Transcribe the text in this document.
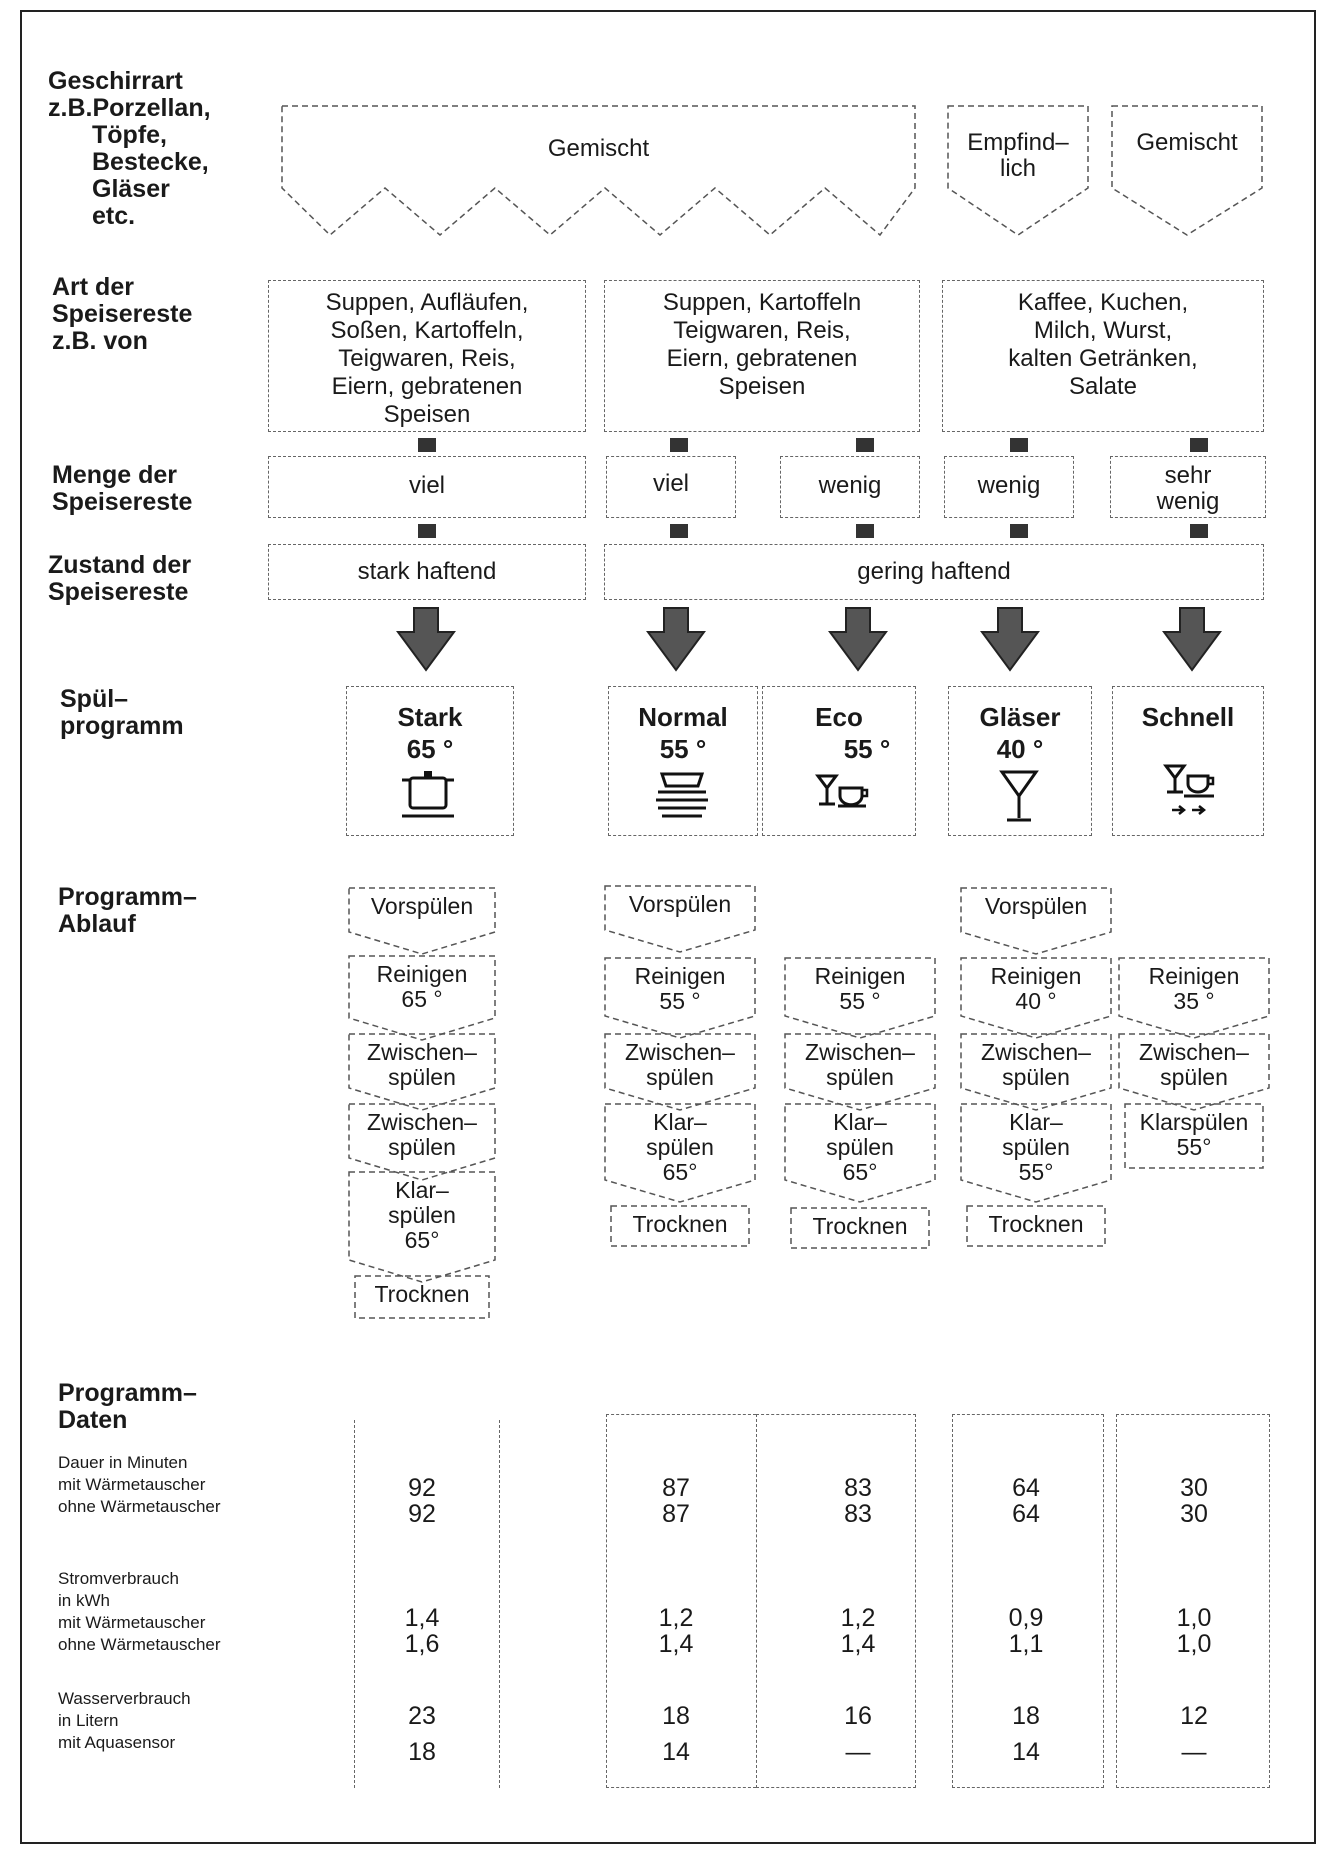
Geschirrart
z.B.Porzellan,
Töpfe,
Bestecke,
Gläser
etc.
Art der
Speisereste
z.B. von
Menge der
Speisereste
Zustand der
Speisereste
Spül–
programm
Programm–
Ablauf
Programm–
Daten
Gemischt	Empfind–
lich
Gemischt
Suppen, Aufläufen,
Soßen, Kartoffeln,
Teigwaren, Reis,
Eiern, gebratenen
Speisen
Suppen, Kartoffeln
Teigwaren, Reis,
Eiern, gebratenen
Speisen
Kaffee, Kuchen,
Milch, Wurst,
kalten Getränken,
Salate
viel	viel	wenig	wenig	sehr
wenig
stark haftend	gering haftend
Stark
65 °
Normal
55 °
Eco
55 °
Gläser
40 °
Schnell
Vorspülen
Reinigen
65 °
Zwischen–
spülen
Zwischen–
spülen
Klar–
spülen
65°
Trocknen
Vorspülen
Reinigen
55 °
Zwischen–
spülen
Klar–
spülen
65°
Trocknen
Reinigen
55 °
Zwischen–
spülen
Klar–
spülen
65°
Trocknen
Vorspülen
Reinigen
40 °
Zwischen–
spülen
Klar–
spülen
55°
Trocknen
Reinigen
35 °
Zwischen–
spülen
Klarspülen
55°
Dauer in Minuten
mit Wärmetauscher
ohne Wärmetauscher
Stromverbrauch
in kWh
mit Wärmetauscher
ohne Wärmetauscher
Wasserverbrauch
in Litern
mit Aquasensor
92	87	83	64	30
92	87	83	64	30
1,4	1,2	1,2	0,9	1,0
1,6	1,4	1,4	1,1	1,0
23	18	16	18	12
18	14	—	14	—
